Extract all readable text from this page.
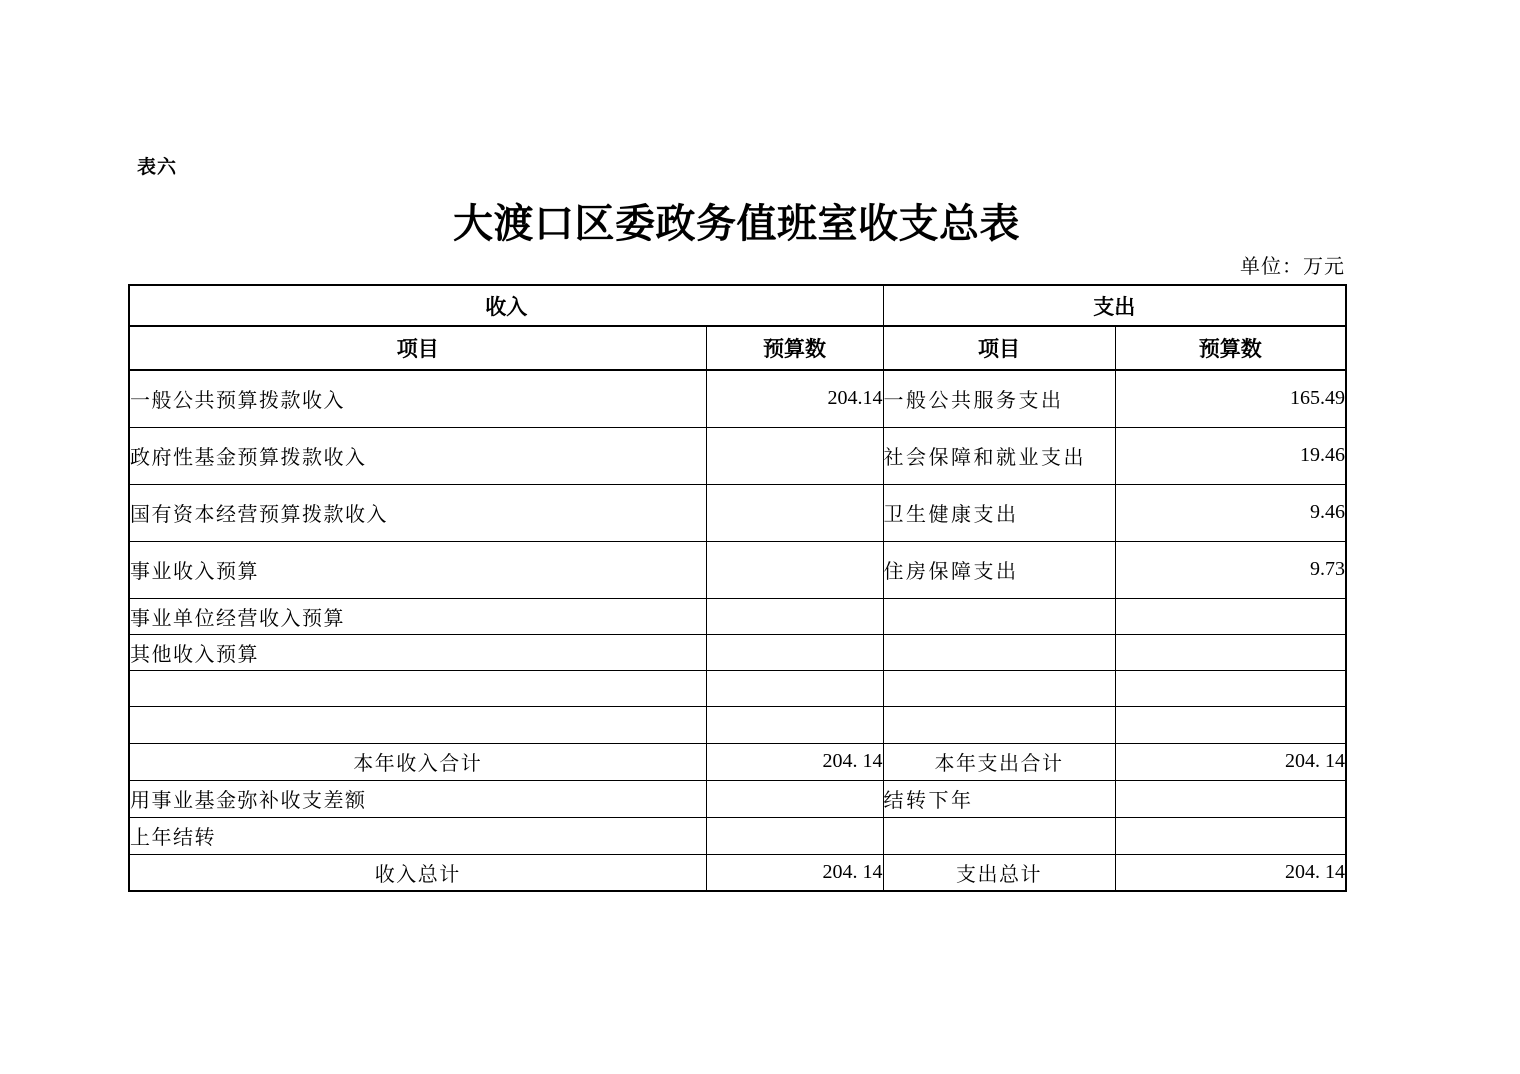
表六
大渡口区委政务值班室收支总表
单位：万元
收入		支出	
项目	预算数	项目	预算数
一般公共预算拨款收入	204.14	一般公共服务支出	165.49
政府性基金预算拨款收入		社会保障和就业支出	19.46
国有资本经营预算拨款收入		卫生健康支出	9.46
事业收入预算		住房保障支出	9.73
事业单位经营收入预算			
其他收入预算			

本年收入合计	204. 14	本年支出合计	204. 14
用事业基金弥补收支差额		结转下年	
上年结转			
收入总计	204. 14	支出总计	204. 14
